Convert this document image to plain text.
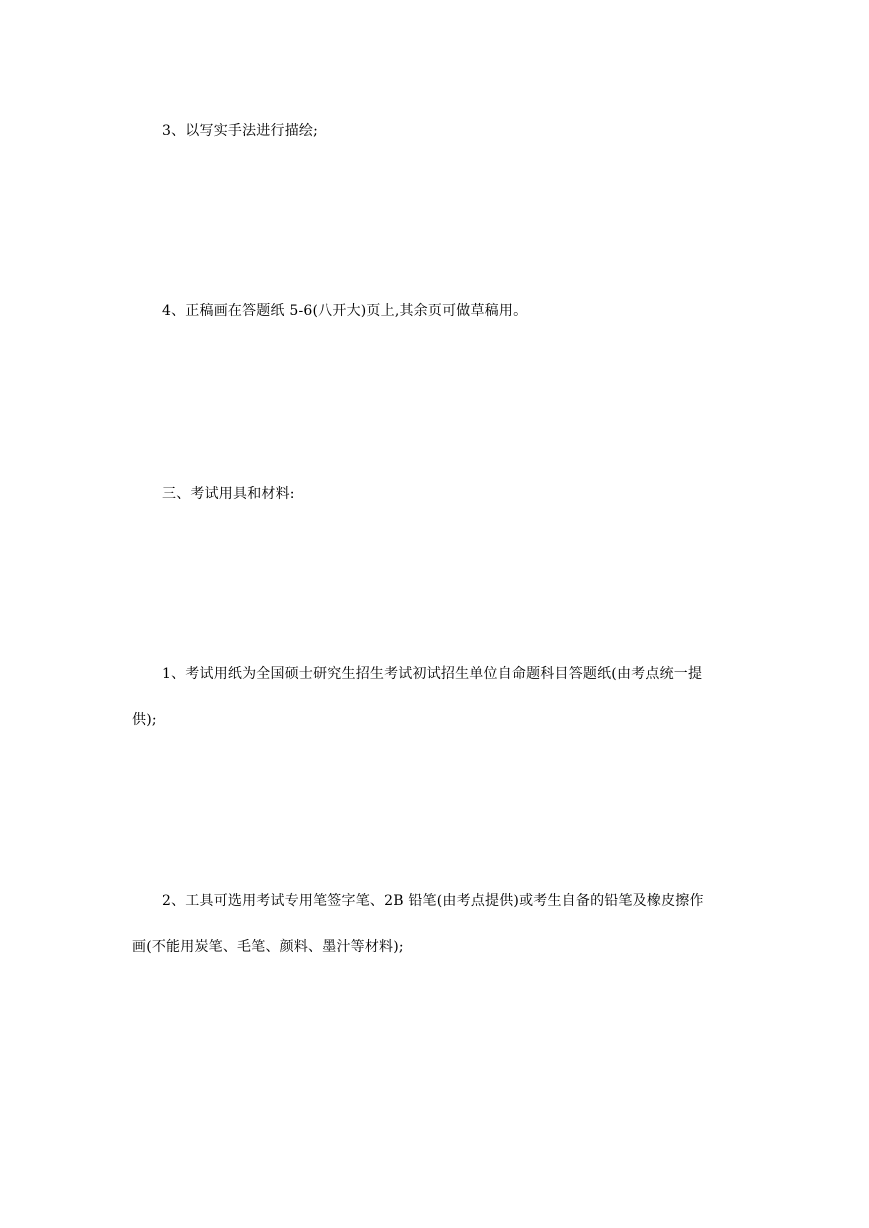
3、以写实手法进行描绘;
4、正稿画在答题纸 5-6(八开大)页上,其余页可做草稿用。
三、考试用具和材料:
1、考试用纸为全国硕士研究生招生考试初试招生单位自命题科目答题纸(由考点统一提
供);
2、工具可选用考试专用笔签字笔、2B 铅笔(由考点提供)或考生自备的铅笔及橡皮擦作
画(不能用炭笔、毛笔、颜料、墨汁等材料);
